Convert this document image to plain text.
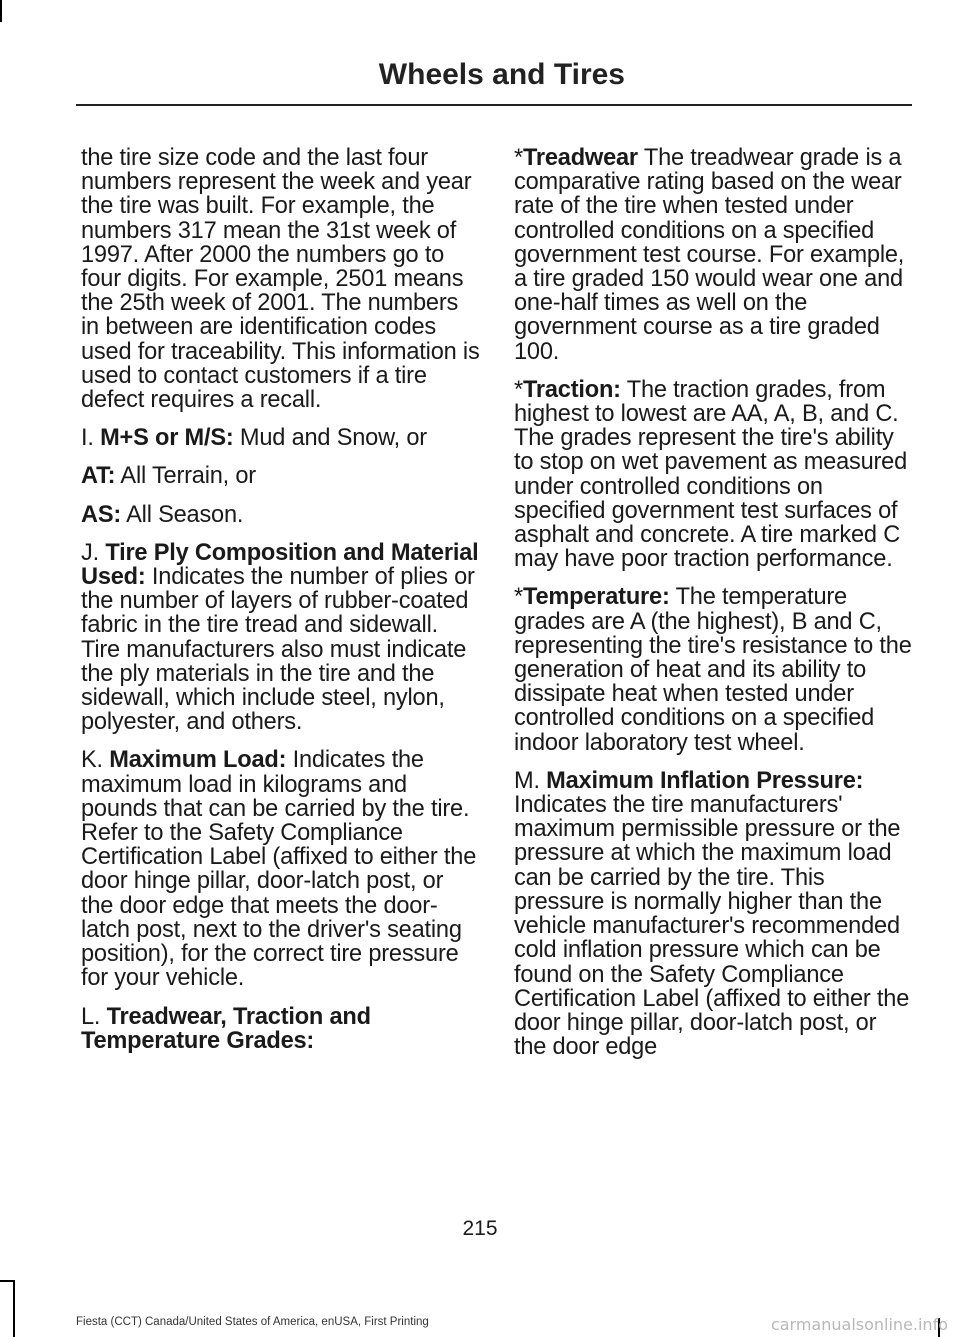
Wheels and Tires

the tire size code and the last four numbers represent the week and year the tire was built. For example, the numbers 317 mean the 31st week of 1997. After 2000 the numbers go to four digits. For example, 2501 means the 25th week of 2001. The numbers in between are identification codes used for traceability. This information is used to contact customers if a tire defect requires a recall.

I. M+S or M/S: Mud and Snow, or

AT: All Terrain, or

AS: All Season.

J. Tire Ply Composition and Material Used: Indicates the number of plies or the number of layers of rubber-coated fabric in the tire tread and sidewall. Tire manufacturers also must indicate the ply materials in the tire and the sidewall, which include steel, nylon, polyester, and others.

K. Maximum Load: Indicates the maximum load in kilograms and pounds that can be carried by the tire. Refer to the Safety Compliance Certification Label (affixed to either the door hinge pillar, door-latch post, or the door edge that meets the door-latch post, next to the driver's seating position), for the correct tire pressure for your vehicle.

L. Treadwear, Traction and Temperature Grades:

*Treadwear The treadwear grade is a comparative rating based on the wear rate of the tire when tested under controlled conditions on a specified government test course. For example, a tire graded 150 would wear one and one-half times as well on the government course as a tire graded 100.

*Traction: The traction grades, from highest to lowest are AA, A, B, and C. The grades represent the tire's ability to stop on wet pavement as measured under controlled conditions on specified government test surfaces of asphalt and concrete. A tire marked C may have poor traction performance.

*Temperature: The temperature grades are A (the highest), B and C, representing the tire's resistance to the generation of heat and its ability to dissipate heat when tested under controlled conditions on a specified indoor laboratory test wheel.

M. Maximum Inflation Pressure: Indicates the tire manufacturers' maximum permissible pressure or the pressure at which the maximum load can be carried by the tire. This pressure is normally higher than the vehicle manufacturer's recommended cold inflation pressure which can be found on the Safety Compliance Certification Label (affixed to either the door hinge pillar, door-latch post, or the door edge

215
Fiesta (CCT) Canada/United States of America, enUSA, First Printing	carmanualsonline.info
